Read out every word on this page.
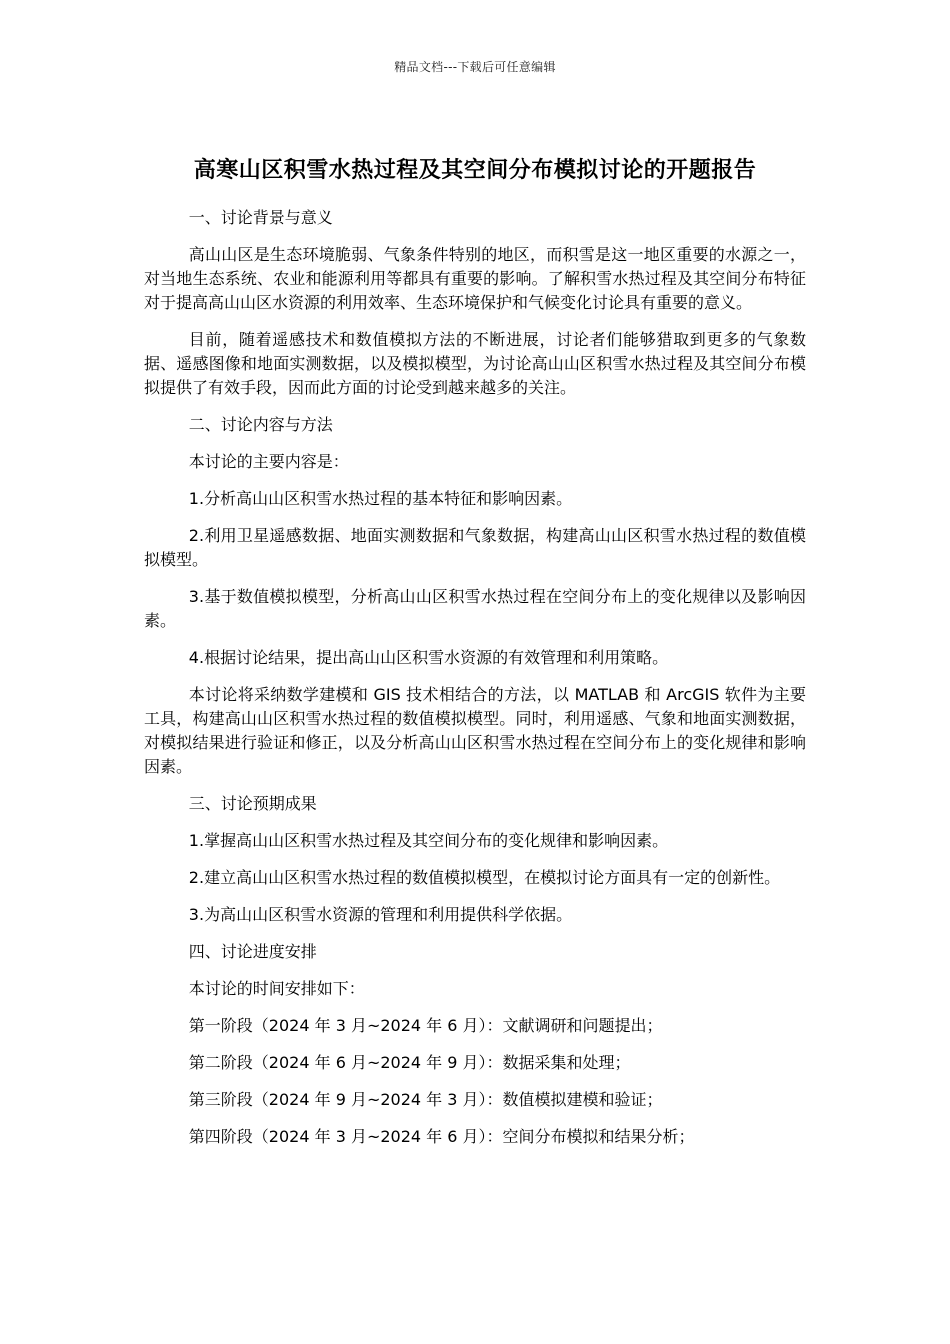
精品文档---下载后可任意编辑
高寒山区积雪水热过程及其空间分布模拟讨论的开题报告

一、讨论背景与意义

高山山区是生态环境脆弱、气象条件特别的地区，而积雪是这一地区重要的水源之一，对当地生态系统、农业和能源利用等都具有重要的影响。了解积雪水热过程及其空间分布特征对于提高高山山区水资源的利用效率、生态环境保护和气候变化讨论具有重要的意义。

目前，随着遥感技术和数值模拟方法的不断进展，讨论者们能够猎取到更多的气象数据、遥感图像和地面实测数据，以及模拟模型，为讨论高山山区积雪水热过程及其空间分布模拟提供了有效手段，因而此方面的讨论受到越来越多的关注。

二、讨论内容与方法

本讨论的主要内容是：

1.分析高山山区积雪水热过程的基本特征和影响因素。

2.利用卫星遥感数据、地面实测数据和气象数据，构建高山山区积雪水热过程的数值模拟模型。

3.基于数值模拟模型，分析高山山区积雪水热过程在空间分布上的变化规律以及影响因素。

4.根据讨论结果，提出高山山区积雪水资源的有效管理和利用策略。

本讨论将采纳数学建模和 GIS 技术相结合的方法，以 MATLAB 和 ArcGIS 软件为主要工具，构建高山山区积雪水热过程的数值模拟模型。同时，利用遥感、气象和地面实测数据，对模拟结果进行验证和修正，以及分析高山山区积雪水热过程在空间分布上的变化规律和影响因素。

三、讨论预期成果

1.掌握高山山区积雪水热过程及其空间分布的变化规律和影响因素。

2.建立高山山区积雪水热过程的数值模拟模型，在模拟讨论方面具有一定的创新性。

3.为高山山区积雪水资源的管理和利用提供科学依据。

四、讨论进度安排

本讨论的时间安排如下：

第一阶段（2024 年 3 月~2024 年 6 月）：文献调研和问题提出；

第二阶段（2024 年 6 月~2024 年 9 月）：数据采集和处理；

第三阶段（2024 年 9 月~2024 年 3 月）：数值模拟建模和验证；

第四阶段（2024 年 3 月~2024 年 6 月）：空间分布模拟和结果分析；
